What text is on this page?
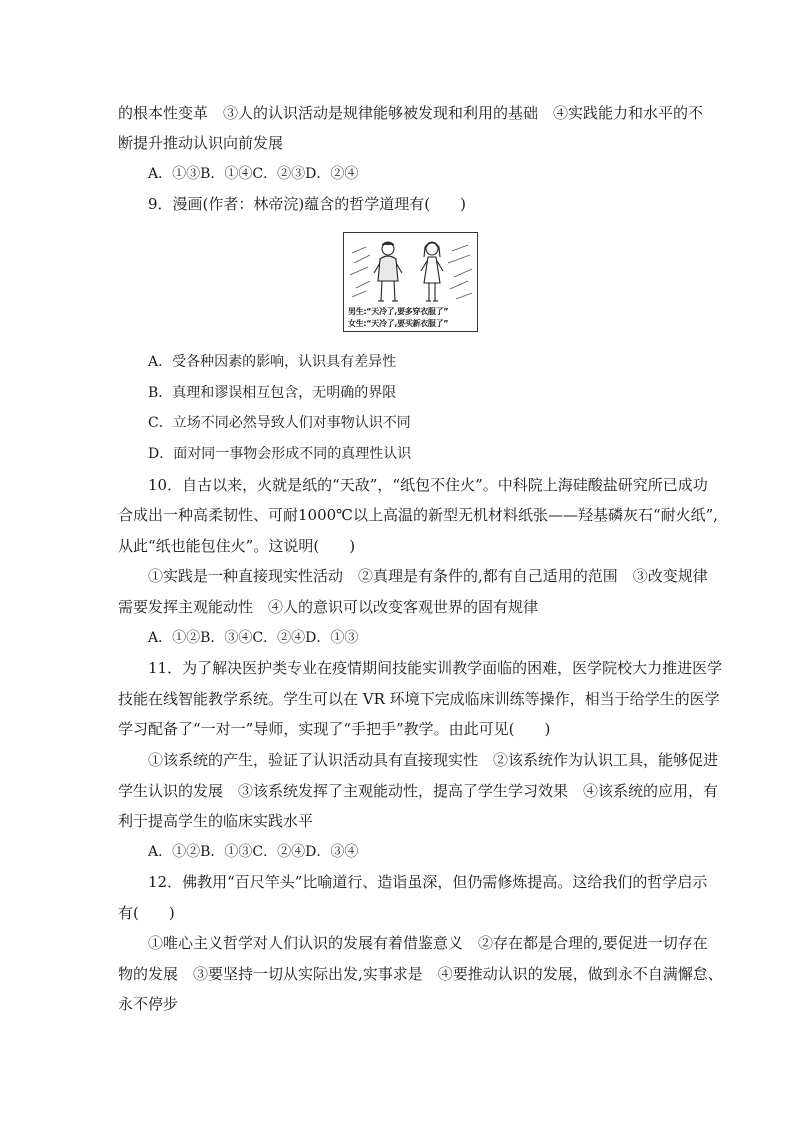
的根本性变革　③人的认识活动是规律能够被发现和利用的基础　④实践能力和水平的不
断提升推动认识向前发展
A．①③B．①④C．②③D．②④
9．漫画(作者：林帝浣)蕴含的哲学道理有(　　)
男生:“天冷了,要多穿衣服了”
女生:“天冷了,要买新衣服了”
A．受各种因素的影响，认识具有差异性
B．真理和谬误相互包含，无明确的界限
C．立场不同必然导致人们对事物认识不同
D．面对同一事物会形成不同的真理性认识
10．自古以来，火就是纸的“天敌”，“纸包不住火”。中科院上海硅酸盐研究所已成功
合成出一种高柔韧性、可耐1000℃以上高温的新型无机材料纸张——羟基磷灰石“耐火纸”,
从此“纸也能包住火”。这说明(　　)
①实践是一种直接现实性活动　②真理是有条件的,都有自己适用的范围　③改变规律
需要发挥主观能动性　④人的意识可以改变客观世界的固有规律
A．①②B．③④C．②④D．①③
11．为了解决医护类专业在疫情期间技能实训教学面临的困难，医学院校大力推进医学
技能在线智能教学系统。学生可以在 VR 环境下完成临床训练等操作，相当于给学生的医学
学习配备了“一对一”导师，实现了“手把手”教学。由此可见(　　)
①该系统的产生，验证了认识活动具有直接现实性　②该系统作为认识工具，能够促进
学生认识的发展　③该系统发挥了主观能动性，提高了学生学习效果　④该系统的应用，有
利于提高学生的临床实践水平
A．①②B．①③C．②④D．③④
12．佛教用“百尺竿头”比喻道行、造诣虽深，但仍需修炼提高。这给我们的哲学启示
有(　　)
①唯心主义哲学对人们认识的发展有着借鉴意义　②存在都是合理的,要促进一切存在
物的发展　③要坚持一切从实际出发,实事求是　④要推动认识的发展，做到永不自满懈怠、
永不停步
